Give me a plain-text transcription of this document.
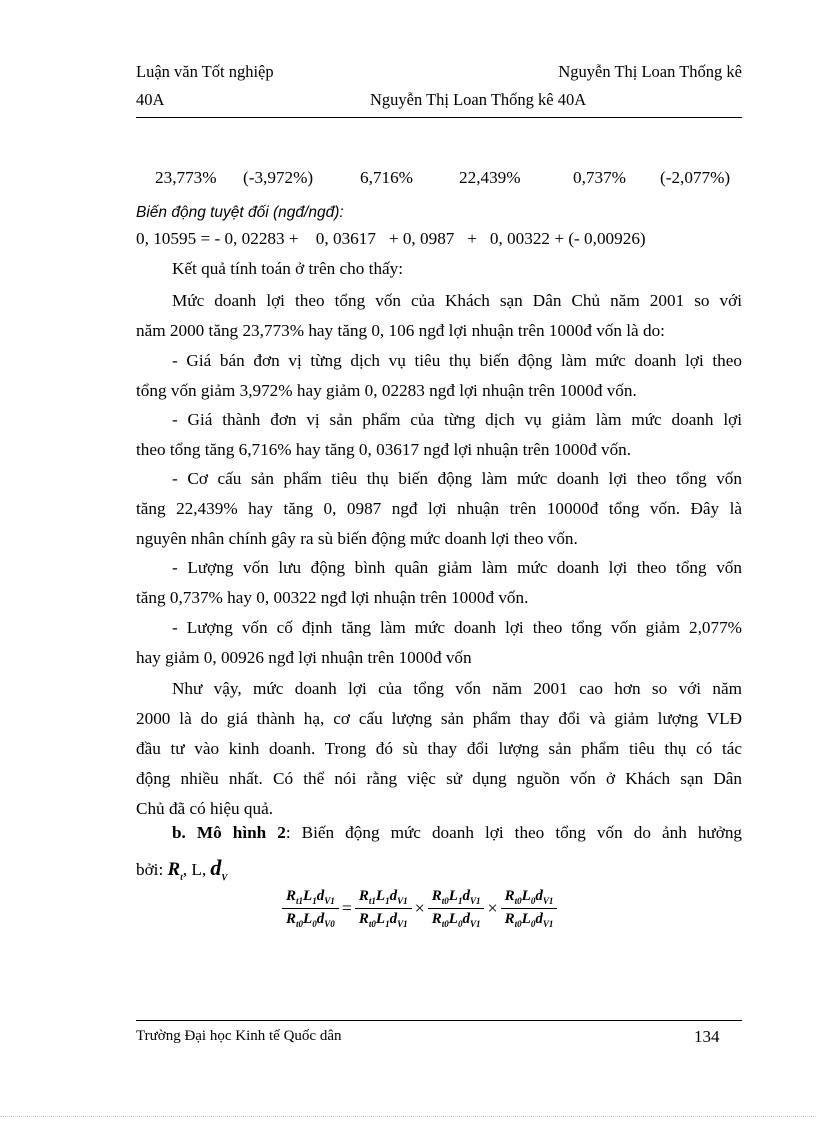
Luận văn Tốt nghiệp	Nguyễn Thị Loan Thống kê
40A	Nguyễn Thị Loan Thống kê 40A
23,773% (-3,972%)	6,716%	22,439%	0,737% (-2,077%)
Biến động tuyệt đối (ngđ/ngđ):
0, 10595 = - 0, 02283 +    0, 03617   + 0, 0987   +   0, 00322 + (- 0,00926)
Kết quả tính toán ở trên cho thấy:
Mức doanh lợi theo tổng vốn của Khách sạn Dân Chủ năm 2001 so với
năm 2000 tăng 23,773% hay tăng 0, 106 ngđ lợi nhuận trên 1000đ vốn là do:
- Giá bán đơn vị từng dịch vụ tiêu thụ biến động làm mức doanh lợi theo
tổng vốn giảm 3,972% hay giảm 0, 02283 ngđ lợi nhuận trên 1000đ vốn.
- Giá thành đơn vị sản phẩm của từng dịch vụ giảm làm mức doanh lợi
theo tổng tăng 6,716% hay tăng 0, 03617 ngđ lợi nhuận trên 1000đ vốn.
- Cơ cấu sản phẩm tiêu thụ biến động làm mức doanh lợi theo tổng vốn
tăng 22,439% hay tăng 0, 0987 ngđ lợi nhuận trên 10000đ tổng vốn. Đây là
nguyên nhân chính gây ra sù biến động mức doanh lợi theo vốn.
- Lượng vốn lưu động bình quân giảm làm mức doanh lợi theo tổng vốn
tăng 0,737% hay 0, 00322 ngđ lợi nhuận trên 1000đ vốn.
- Lượng vốn cố định tăng làm mức doanh lợi theo tổng vốn giảm 2,077%
hay giảm 0, 00926 ngđ lợi nhuận trên 1000đ vốn
Như vậy, mức doanh lợi của tổng vốn năm 2001 cao hơn so với năm
2000 là do giá thành hạ, cơ cấu lượng sản phẩm thay đổi và giảm lượng VLĐ
đầu tư vào kinh doanh. Trong đó sù thay đổi lượng sản phẩm tiêu thụ có tác
động nhiều nhất. Có thể nói rằng việc sử dụng nguồn vốn ở Khách sạn Dân
Chủ đã có hiệu quả.
b. Mô hình 2: Biến động mức doanh lợi theo tổng vốn do ảnh hưởng
bởi: $R_t$, L, $d_V$
$\frac{R_{t1}L_1d_{V1}}{R_{t0}L_0d_{V0}} = \frac{R_{t1}L_1d_{V1}}{R_{t0}L_1d_{V1}} \times \frac{R_{t0}L_1d_{V1}}{R_{t0}L_0d_{V1}} \times \frac{R_{t0}L_0d_{V1}}{R_{t0}L_0d_{V1}}$
Trường Đại học Kinh tế Quốc dân	134
